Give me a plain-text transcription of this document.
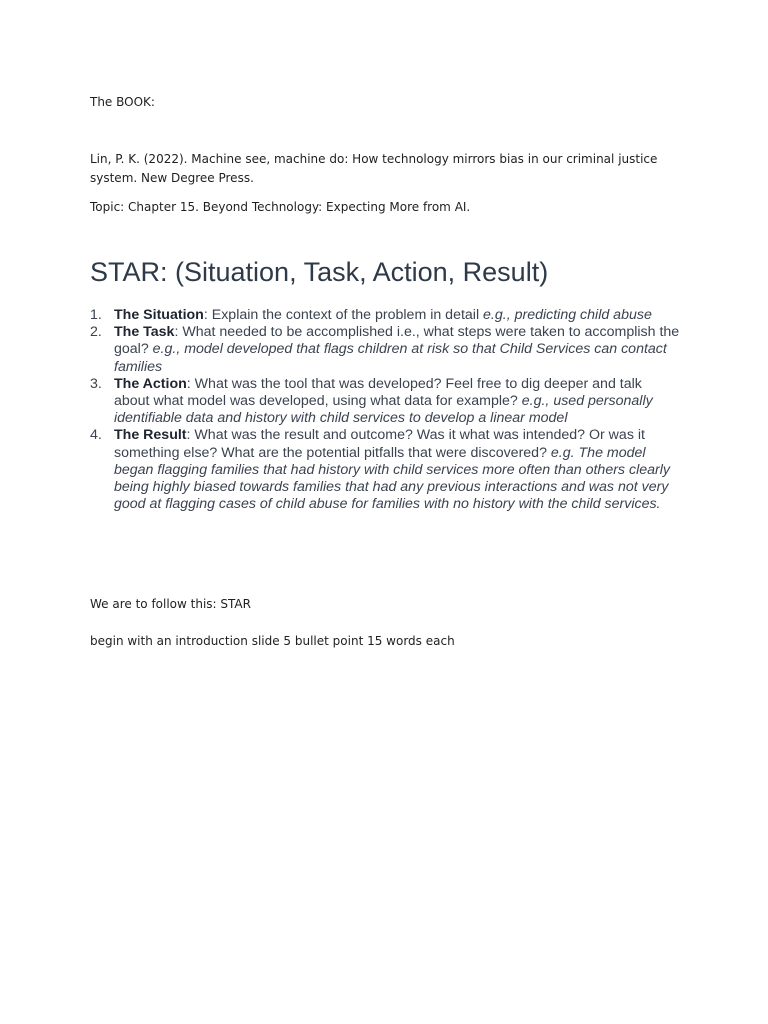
The BOOK:

Lin, P. K. (2022). Machine see, machine do: How technology mirrors bias in our criminal justice system. New Degree Press.

Topic: Chapter 15. Beyond Technology: Expecting More from AI.

STAR: (Situation, Task, Action, Result)
1. The Situation: Explain the context of the problem in detail e.g., predicting child abuse
2. The Task: What needed to be accomplished i.e., what steps were taken to accomplish the goal? e.g., model developed that flags children at risk so that Child Services can contact families
3. The Action: What was the tool that was developed? Feel free to dig deeper and talk about what model was developed, using what data for example? e.g., used personally identifiable data and history with child services to develop a linear model
4. The Result: What was the result and outcome? Was it what was intended? Or was it something else? What are the potential pitfalls that were discovered? e.g. The model began flagging families that had history with child services more often than others clearly being highly biased towards families that had any previous interactions and was not very good at flagging cases of child abuse for families with no history with the child services.

We are to follow this: STAR

begin with an introduction slide 5 bullet point 15 words each
